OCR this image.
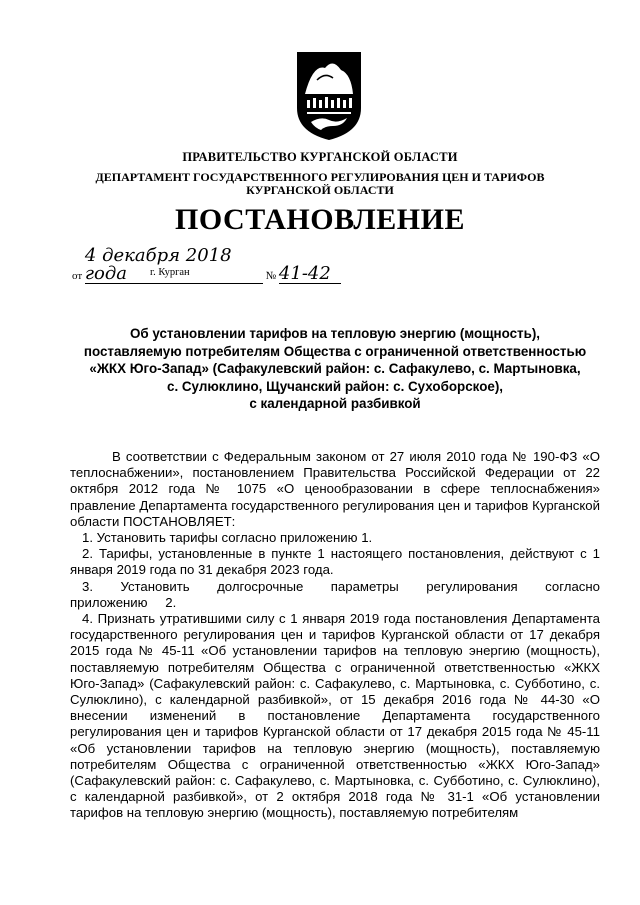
ПРАВИТЕЛЬСТВО КУРГАНСКОЙ ОБЛАСТИ
ДЕПАРТАМЕНТ ГОСУДАРСТВЕННОГО РЕГУЛИРОВАНИЯ ЦЕН И ТАРИФОВ
КУРГАНСКОЙ ОБЛАСТИ
ПОСТАНОВЛЕНИЕ
от 4 декабря 2018 года	№ 41-42
г. Курган
Об установлении тарифов на тепловую энергию (мощность),
поставляемую потребителям Общества с ограниченной ответственностью
«ЖКХ Юго-Запад» (Сафакулевский район: с. Сафакулево, с. Мартыновка,
с. Сулюклино, Щучанский район: с. Сухоборское),
с календарной разбивкой

В соответствии с Федеральным законом от 27 июля 2010 года № 190-ФЗ «О теплоснабжении», постановлением Правительства Российской Федерации от 22 октября 2012 года № 1075 «О ценообразовании в сфере теплоснабжения» правление Департамента государственного регулирования цен и тарифов Курганской области ПОСТАНОВЛЯЕТ:

1. Установить тарифы согласно приложению 1.

2. Тарифы, установленные в пункте 1 настоящего постановления, действуют с 1 января 2019 года по 31 декабря 2023 года.

3. Установить долгосрочные параметры регулирования согласно приложению 2.

4. Признать утратившими силу с 1 января 2019 года постановления Департамента государственного регулирования цен и тарифов Курганской области от 17 декабря 2015 года № 45-11 «Об установлении тарифов на тепловую энергию (мощность), поставляемую потребителям Общества с ограниченной ответственностью «ЖКХ Юго-Запад» (Сафакулевский район: с. Сафакулево, с. Мартыновка, с. Субботино, с. Сулюклино), с календарной разбивкой», от 15 декабря 2016 года № 44-30 «О внесении изменений в постановление Департамента государственного регулирования цен и тарифов Курганской области от 17 декабря 2015 года № 45-11 «Об установлении тарифов на тепловую энергию (мощность), поставляемую потребителям Общества с ограниченной ответственностью «ЖКХ Юго-Запад» (Сафакулевский район: с. Сафакулево, с. Мартыновка, с. Субботино, с. Сулюклино), с календарной разбивкой», от 2 октября 2018 года № 31-1 «Об установлении тарифов на тепловую энергию (мощность), поставляемую потребителям
